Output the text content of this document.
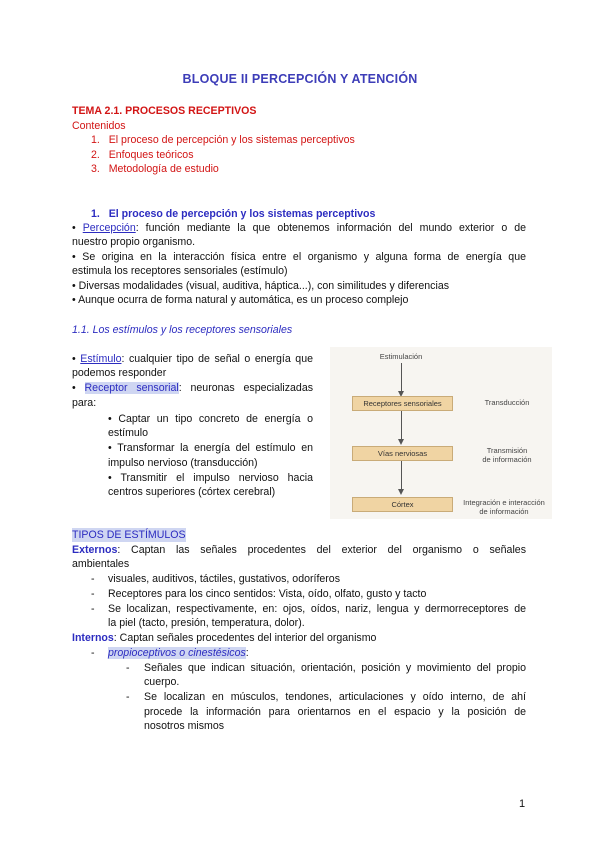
BLOQUE II PERCEPCIÓN Y ATENCIÓN
TEMA 2.1. PROCESOS RECEPTIVOS
Contenidos
1. El proceso de percepción y los sistemas perceptivos
2. Enfoques teóricos
3. Metodología de estudio
1. El proceso de percepción y los sistemas perceptivos
• Percepción: función mediante la que obtenemos información del mundo exterior o de
nuestro propio organismo.
• Se origina en la interacción física entre el organismo y alguna forma de energía que
estimula los receptores sensoriales (estímulo)
• Diversas modalidades (visual, auditiva, háptica...), con similitudes y diferencias
• Aunque ocurra de forma natural y automática, es un proceso complejo
1.1. Los estímulos y los receptores sensoriales
• Estímulo: cualquier tipo de señal o energía que
podemos responder
• Receptor sensorial: neuronas especializadas
para:
• Captar un tipo concreto de energía o
estímulo
• Transformar la energía del estímulo en
impulso nervioso (transducción)
• Transmitir el impulso nervioso hacia
centros superiores (córtex cerebral)
Estimulación
Receptores sensoriales
Vías nerviosas
Córtex
Transducción
Transmisión
de información
Integración e interacción
de información
TIPOS DE ESTÍMULOS
Externos: Captan las señales procedentes del exterior del organismo o señales
ambientales
- visuales, auditivos, táctiles, gustativos, odoríferos
- Receptores para los cinco sentidos: Vista, oído, olfato, gusto y tacto
- Se localizan, respectivamente, en: ojos, oídos, nariz, lengua y dermorreceptores de
la piel (tacto, presión, temperatura, dolor).
Internos: Captan señales procedentes del interior del organismo
- propioceptivos o cinestésicos:
- Señales que indican situación, orientación, posición y movimiento del propio
cuerpo.
- Se localizan en músculos, tendones, articulaciones y oído interno, de ahí
procede la información para orientarnos en el espacio y la posición de
nosotros mismos
1
